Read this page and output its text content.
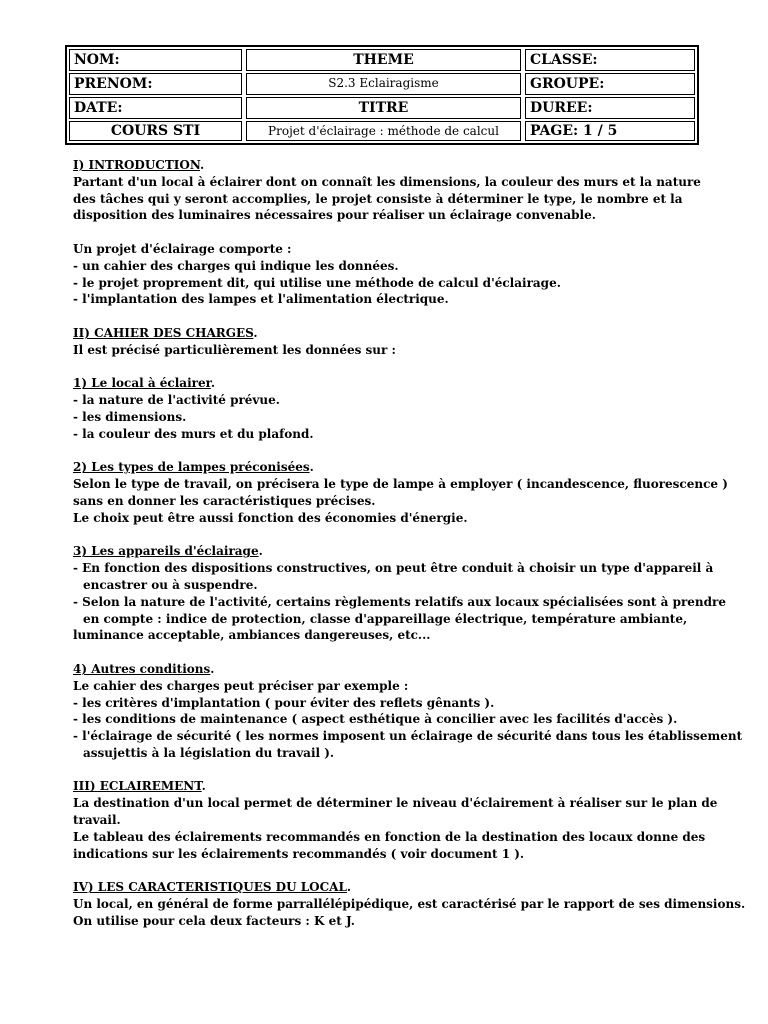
NOM:
PRENOM:
DATE:
COURS STI
THEME
S2.3 Eclairagisme
TITRE
Projet d'éclairage : méthode de calcul
CLASSE:
GROUPE:
DUREE:
PAGE: 1 / 5
I) INTRODUCTION.
Partant d'un local à éclairer dont on connaît les dimensions, la couleur des murs et la nature
des tâches qui y seront accomplies, le projet consiste à déterminer le type, le nombre et la
disposition des luminaires nécessaires pour réaliser un éclairage convenable.
Un projet d'éclairage comporte :
- un cahier des charges qui indique les données.
- le projet proprement dit, qui utilise une méthode de calcul d'éclairage.
- l'implantation des lampes et l'alimentation électrique.
II) CAHIER DES CHARGES.
Il est précisé particulièrement les données sur :
1) Le local à éclairer.
- la nature de l'activité prévue.
- les dimensions.
- la couleur des murs et du plafond.
2) Les types de lampes préconisées.
Selon le type de travail, on précisera le type de lampe à employer ( incandescence, fluorescence )
sans en donner les caractéristiques précises.
Le choix peut être aussi fonction des économies d'énergie.
3) Les appareils d'éclairage.
- En fonction des dispositions constructives, on peut être conduit à choisir un type d'appareil à
encastrer ou à suspendre.
- Selon la nature de l'activité, certains règlements relatifs aux locaux spécialisées sont à prendre
en compte : indice de protection, classe d'appareillage électrique, température ambiante,
luminance acceptable, ambiances dangereuses, etc...
4) Autres conditions.
Le cahier des charges peut préciser par exemple :
- les critères d'implantation ( pour éviter des reflets gênants ).
- les conditions de maintenance ( aspect esthétique à concilier avec les facilités d'accès ).
- l'éclairage de sécurité ( les normes imposent un éclairage de sécurité dans tous les établissement
assujettis à la législation du travail ).
III) ECLAIREMENT.
La destination d'un local permet de déterminer le niveau d'éclairement à réaliser sur le plan de
travail.
Le tableau des éclairements recommandés en fonction de la destination des locaux donne des
indications sur les éclairements recommandés ( voir document 1 ).
IV) LES CARACTERISTIQUES DU LOCAL.
Un local, en général de forme parrallélépipédique, est caractérisé par le rapport de ses dimensions.
On utilise pour cela deux facteurs : K et J.
